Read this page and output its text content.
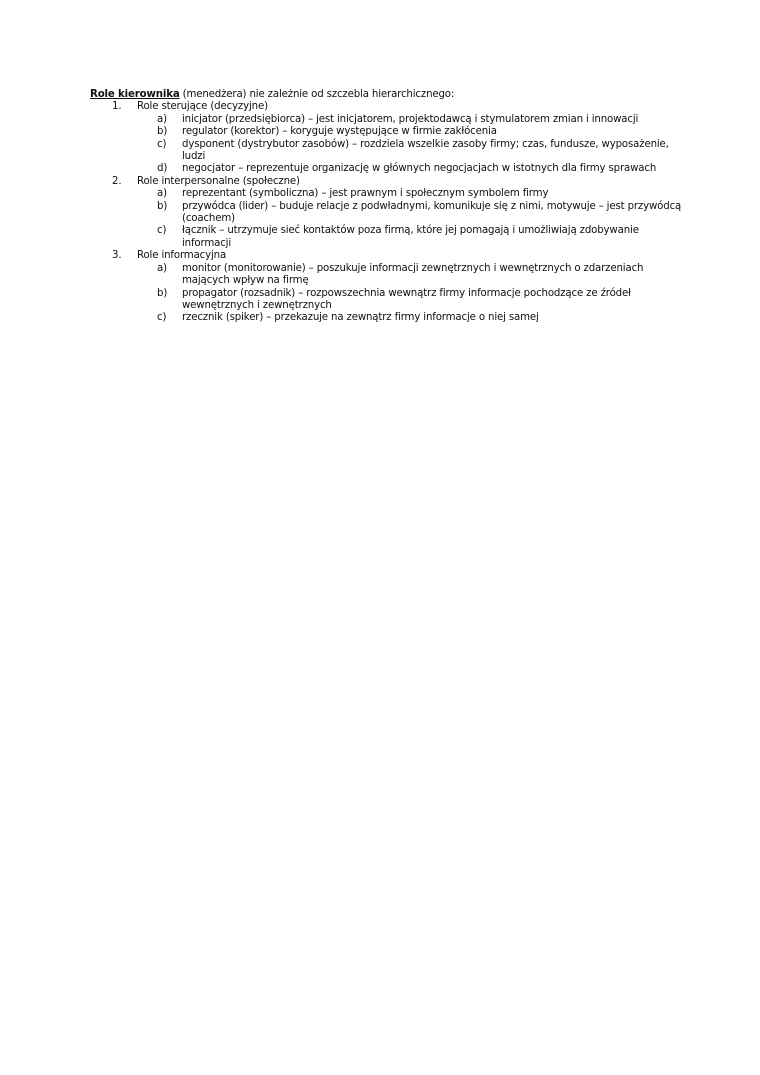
Role kierownika (menedżera) nie zależnie od szczebla hierarchicznego:
1. Role sterujące (decyzyjne)
a) inicjator (przedsiębiorca) – jest inicjatorem, projektodawcą i stymulatorem zmian i innowacji
b) regulator (korektor) – koryguje występujące w firmie zakłócenia
c) dysponent (dystrybutor zasobów) – rozdziela wszelkie zasoby firmy; czas, fundusze, wyposażenie, ludzi
d) negocjator – reprezentuje organizację w głównych negocjacjach w istotnych dla firmy sprawach
2. Role interpersonalne (społeczne)
a) reprezentant (symboliczna) – jest prawnym i społecznym symbolem firmy
b) przywódca (lider) – buduje relacje z podwładnymi, komunikuje się z nimi, motywuje – jest przywódcą (coachem)
c) łącznik – utrzymuje sieć kontaktów poza firmą, które jej pomagają i umożliwiają zdobywanie informacji
3. Role informacyjna
a) monitor (monitorowanie) – poszukuje informacji zewnętrznych i wewnętrznych o zdarzeniach mających wpływ na firmę
b) propagator (rozsadnik) – rozpowszechnia wewnątrz firmy informacje pochodzące ze źródeł wewnętrznych i zewnętrznych
c) rzecznik (spiker) – przekazuje na zewnątrz firmy informacje o niej samej
